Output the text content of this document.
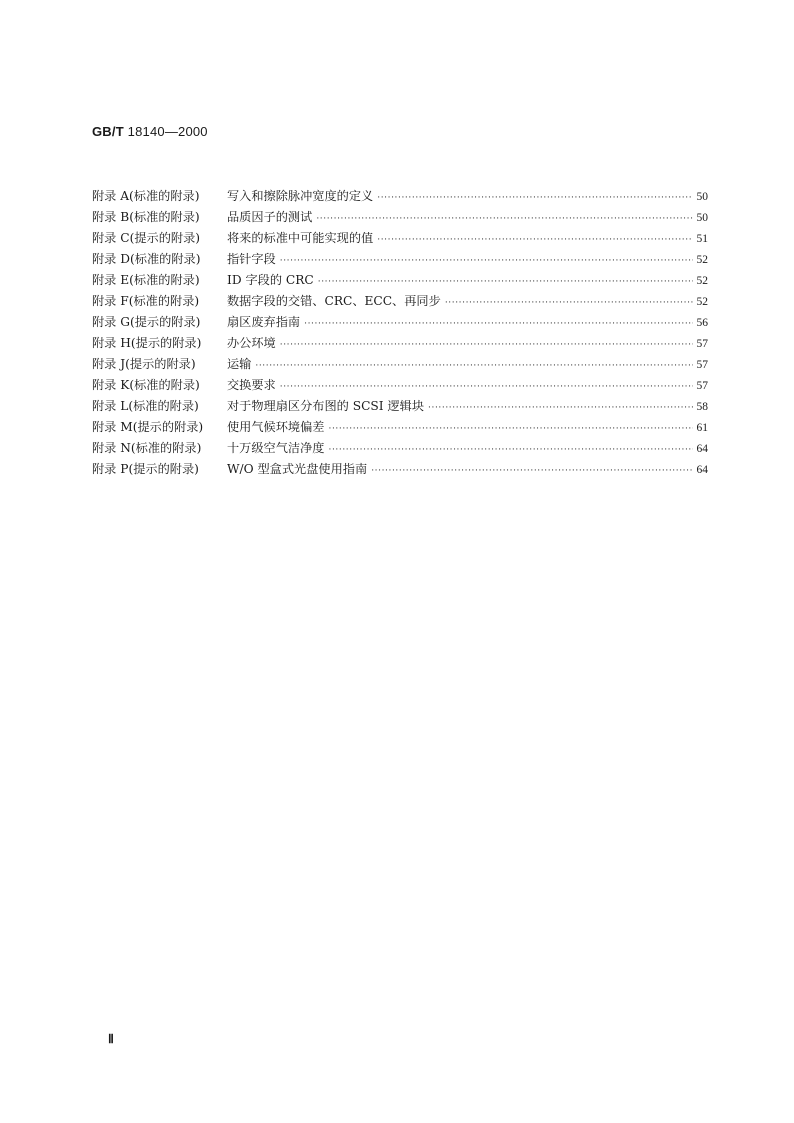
GB/T 18140—2000
附录 A(标准的附录)	写入和擦除脉冲宽度的定义 ·····	50
附录 B(标准的附录)	品质因子的测试 ·····	50
附录 C(提示的附录)	将来的标准中可能实现的值 ·····	51
附录 D(标准的附录)	指针字段 ·····	52
附录 E(标准的附录)	ID 字段的 CRC ·····	52
附录 F(标准的附录)	数据字段的交错、CRC、ECC、再同步 ·····	52
附录 G(提示的附录)	扇区废弃指南 ·····	56
附录 H(提示的附录)	办公环境 ·····	57
附录 J(提示的附录)	运输 ·····	57
附录 K(标准的附录)	交换要求 ·····	57
附录 L(标准的附录)	对于物理扇区分布图的 SCSI 逻辑块 ·····	58
附录 M(提示的附录)	使用气候环境偏差 ·····	61
附录 N(标准的附录)	十万级空气洁净度 ·····	64
附录 P(提示的附录)	W/O 型盒式光盘使用指南 ·····	64
Ⅱ
